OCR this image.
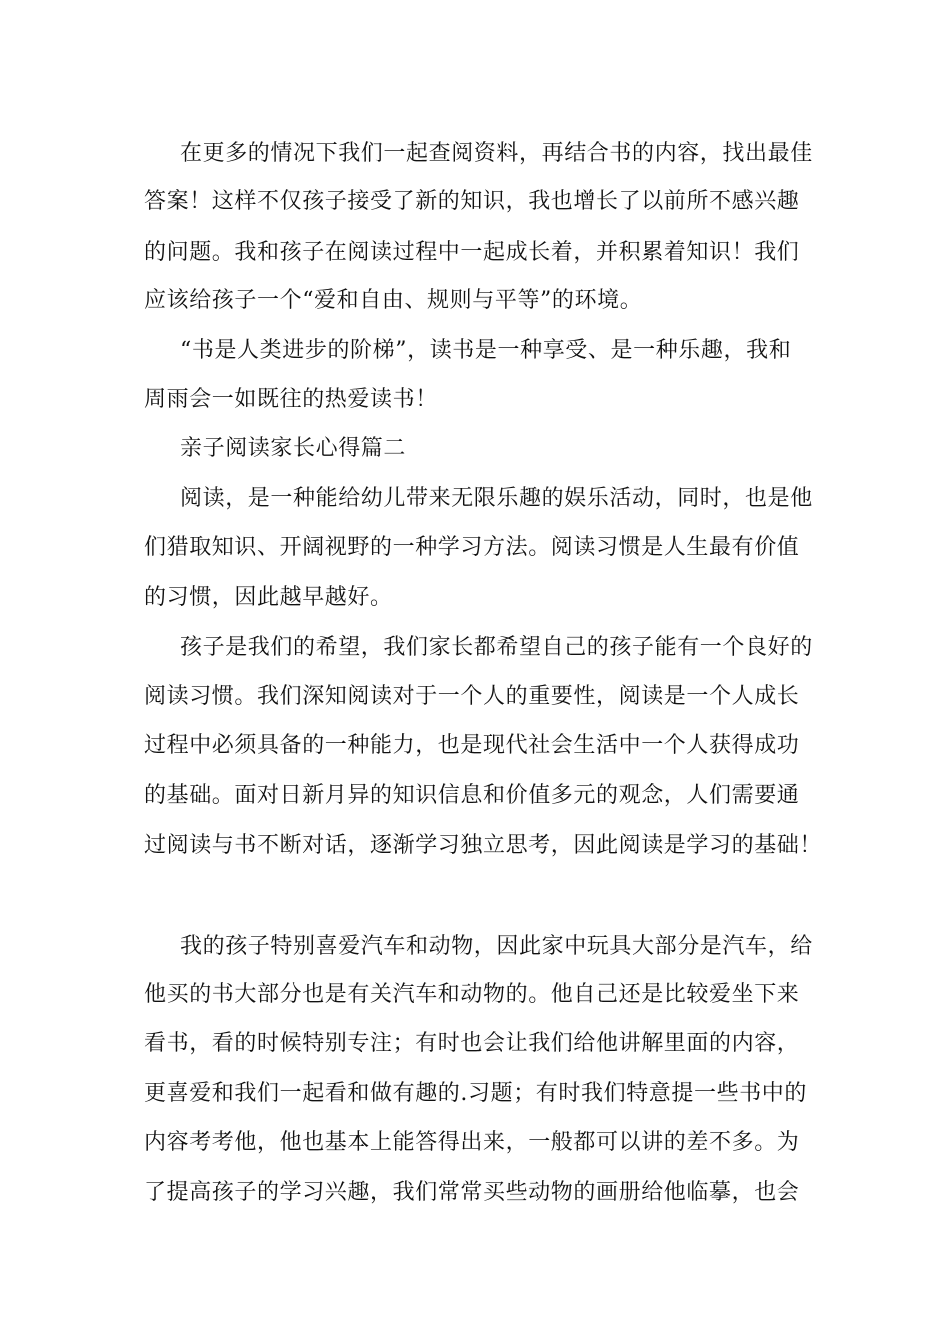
在更多的情况下我们一起查阅资料，再结合书的内容，找出最佳
答案！这样不仅孩子接受了新的知识，我也增长了以前所不感兴趣
的问题。我和孩子在阅读过程中一起成长着，并积累着知识！我们
应该给孩子一个“爱和自由、规则与平等”的环境。
“书是人类进步的阶梯”，读书是一种享受、是一种乐趣，我和
周雨会一如既往的热爱读书！
亲子阅读家长心得篇二
阅读，是一种能给幼儿带来无限乐趣的娱乐活动，同时，也是他
们猎取知识、开阔视野的一种学习方法。阅读习惯是人生最有价值
的习惯，因此越早越好。
孩子是我们的希望，我们家长都希望自己的孩子能有一个良好的
阅读习惯。我们深知阅读对于一个人的重要性，阅读是一个人成长
过程中必须具备的一种能力，也是现代社会生活中一个人获得成功
的基础。面对日新月异的知识信息和价值多元的观念，人们需要通
过阅读与书不断对话，逐渐学习独立思考，因此阅读是学习的基础！
我的孩子特别喜爱汽车和动物，因此家中玩具大部分是汽车，给
他买的书大部分也是有关汽车和动物的。他自己还是比较爱坐下来
看书，看的时候特别专注；有时也会让我们给他讲解里面的内容，
更喜爱和我们一起看和做有趣的.习题；有时我们特意提一些书中的
内容考考他，他也基本上能答得出来，一般都可以讲的差不多。为
了提高孩子的学习兴趣，我们常常买些动物的画册给他临摹，也会
